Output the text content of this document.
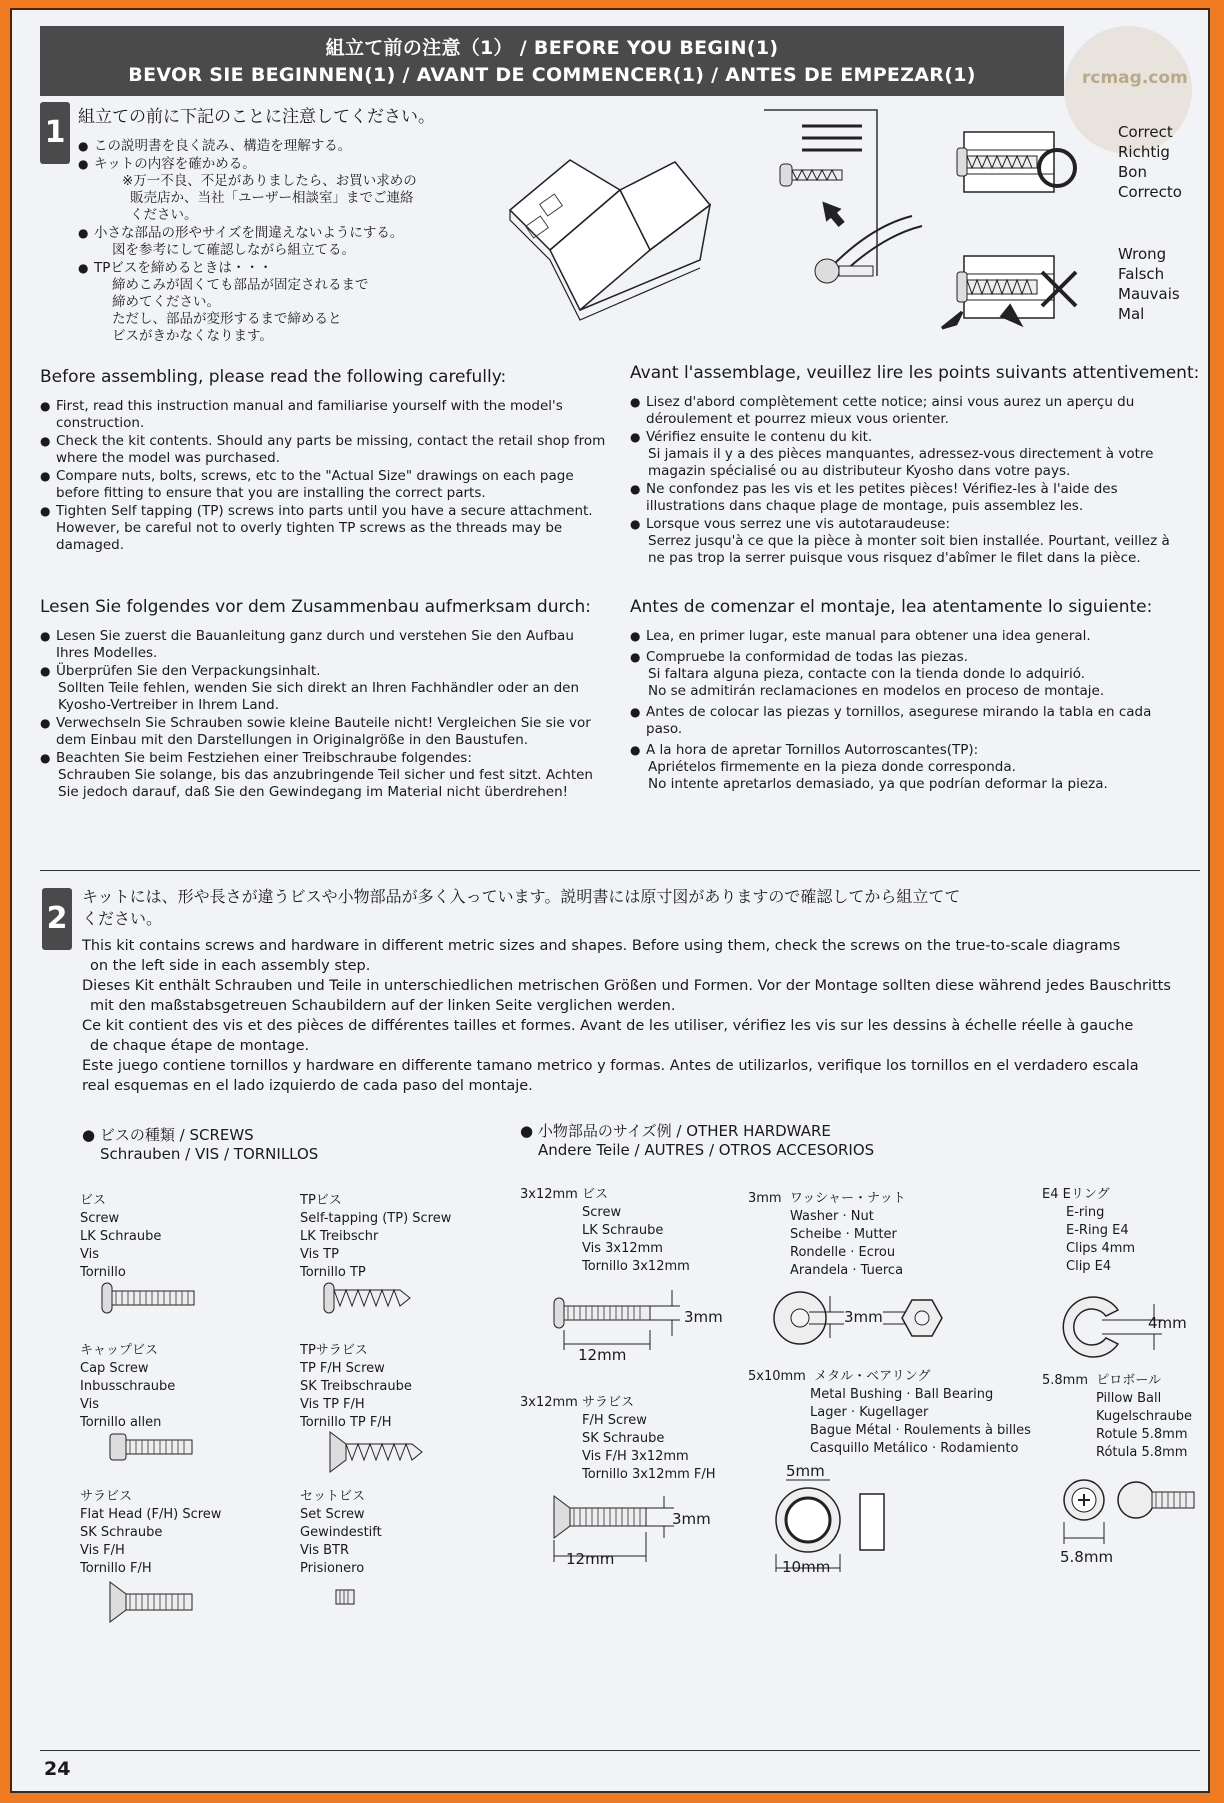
rcmag.com
組立て前の注意（1） / BEFORE YOU BEGIN(1)
BEVOR SIE BEGINNEN(1) / AVANT DE COMMENCER(1) / ANTES DE EMPEZAR(1)
1 組立ての前に下記のことに注意してください。
● この説明書を良く読み、構造を理解する。
● キットの内容を確かめる。
※万一不良、不足がありましたら、お買い求めの
販売店か、当社「ユーザー相談室」までご連絡
ください。
● 小さな部品の形やサイズを間違えないようにする。
図を参考にして確認しながら組立てる。
● TPビスを締めるときは・・・
締めこみが固くても部品が固定されるまで
締めてください。
ただし、部品が変形するまで締めると
ビスがきかなくなります。
Correct
Richtig
Bon
Correcto
Wrong
Falsch
Mauvais
Mal
Before assembling, please read the following carefully:
● First, read this instruction manual and familiarise yourself with the model's
construction.
● Check the kit contents. Should any parts be missing, contact the retail shop from
where the model was purchased.
● Compare nuts, bolts, screws, etc to the "Actual Size" drawings on each page
before fitting to ensure that you are installing the correct parts.
● Tighten Self tapping (TP) screws into parts until you have a secure attachment.
However, be careful not to overly tighten TP screws as the threads may be
damaged.
Avant l'assemblage, veuillez lire les points suivants attentivement:
● Lisez d'abord complètement cette notice; ainsi vous aurez un aperçu du
déroulement et pourrez mieux vous orienter.
● Vérifiez ensuite le contenu du kit.
Si jamais il y a des pièces manquantes, adressez-vous directement à votre
magazin spécialisé ou au distributeur Kyosho dans votre pays.
● Ne confondez pas les vis et les petites pièces! Vérifiez-les à l'aide des
illustrations dans chaque plage de montage, puis assemblez les.
● Lorsque vous serrez une vis autotaraudeuse:
Serrez jusqu'à ce que la pièce à monter soit bien installée. Pourtant, veillez à
ne pas trop la serrer puisque vous risquez d'abîmer le filet dans la pièce.
Lesen Sie folgendes vor dem Zusammenbau aufmerksam durch:
● Lesen Sie zuerst die Bauanleitung ganz durch und verstehen Sie den Aufbau
Ihres Modelles.
● Überprüfen Sie den Verpackungsinhalt.
Sollten Teile fehlen, wenden Sie sich direkt an Ihren Fachhändler oder an den
Kyosho-Vertreiber in Ihrem Land.
● Verwechseln Sie Schrauben sowie kleine Bauteile nicht! Vergleichen Sie sie vor
dem Einbau mit den Darstellungen in Originalgröße in den Baustufen.
● Beachten Sie beim Festziehen einer Treibschraube folgendes:
Schrauben Sie solange, bis das anzubringende Teil sicher und fest sitzt. Achten
Sie jedoch darauf, daß Sie den Gewindegang im Material nicht überdrehen!
Antes de comenzar el montaje, lea atentamente lo siguiente:
● Lea, en primer lugar, este manual para obtener una idea general.
● Compruebe la conformidad de todas las piezas.
Si faltara alguna pieza, contacte con la tienda donde lo adquirió.
No se admitirán reclamaciones en modelos en proceso de montaje.
● Antes de colocar las piezas y tornillos, asegurese mirando la tabla en cada
paso.
● A la hora de apretar Tornillos Autorroscantes(TP):
Apriételos firmemente en la pieza donde corresponda.
No intente apretarlos demasiado, ya que podrían deformar la pieza.
2
キットには、形や長さが違うビスや小物部品が多く入っています。説明書には原寸図がありますので確認してから組立てて
ください。
This kit contains screws and hardware in different metric sizes and shapes. Before using them, check the screws on the true-to-scale diagrams
on the left side in each assembly step.
Dieses Kit enthält Schrauben und Teile in unterschiedlichen metrischen Größen und Formen. Vor der Montage sollten diese während jedes Bauschritts
mit den maßstabsgetreuen Schaubildern auf der linken Seite verglichen werden.
Ce kit contient des vis et des pièces de différentes tailles et formes. Avant de les utiliser, vérifiez les vis sur les dessins à échelle réelle à gauche
de chaque étape de montage.
Este juego contiene tornillos y hardware en differente tamano metrico y formas. Antes de utilizarlos, verifique los tornillos en el verdadero escala
real esquemas en el lado izquierdo de cada paso del montaje.
● ビスの種類 / SCREWS
Schrauben / VIS / TORNILLOS
● 小物部品のサイズ例 / OTHER HARDWARE
Andere Teile / AUTRES / OTROS ACCESORIOS
ビス
Screw
LK Schraube
Vis
Tornillo
TPビス
Self-tapping (TP) Screw
LK Treibschr
Vis TP
Tornillo TP
キャップビス
Cap Screw
Inbusschraube
Vis
Tornillo allen
TPサラビス
TP F/H Screw
SK Treibschraube
Vis TP F/H
Tornillo TP F/H
サラビス
Flat Head (F/H) Screw
SK Schraube
Vis F/H
Tornillo F/H
セットビス
Set Screw
Gewindestift
Vis BTR
Prisionero
3x12mm ビス
Screw
LK Schraube
Vis 3x12mm
Tornillo 3x12mm
3mm
12mm
3x12mm サラビス
F/H Screw
SK Schraube
Vis F/H 3x12mm
Tornillo 3x12mm F/H
3mm
12mm
3mm ワッシャー・ナット
Washer · Nut
Scheibe · Mutter
Rondelle · Ecrou
Arandela · Tuerca
3mm
5x10mm メタル・ベアリング
Metal Bushing · Ball Bearing
Lager · Kugellager
Bague Métal · Roulements à billes
Casquillo Metálico · Rodamiento
5mm
10mm
E4 Eリング
E-ring
E-Ring E4
Clips 4mm
Clip E4
4mm
5.8mm ピロボール
Pillow Ball
Kugelschraube
Rotule 5.8mm
Rótula 5.8mm
5.8mm
24
